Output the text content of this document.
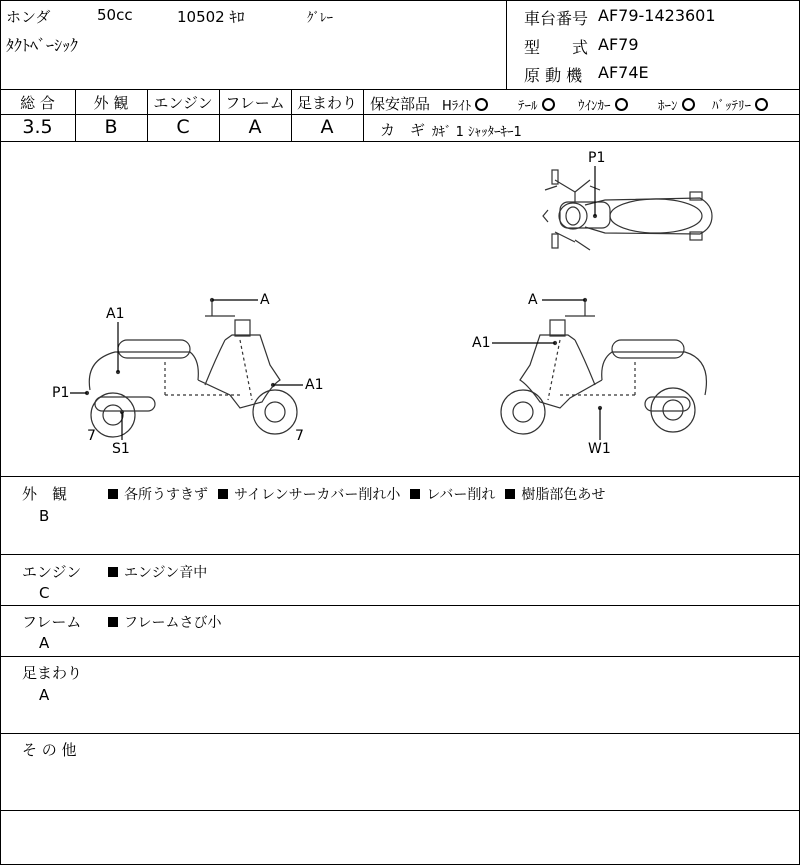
ホンダ	50cc	10502 ｷﾛ	ｸﾞﾚｰ
ﾀｸﾄﾍﾞｰｼｯｸ
車台番号 AF79-1423601
型　　式 AF79
原 動 機 AF74E
総 合	外 観	エンジン フレーム 足まわり
3.5	B	C	A	A
保安部品 Hﾗｲﾄ	ﾃｰﾙ	ｳｲﾝｶｰ	ﾎｰﾝ	ﾊﾞｯﾃﾘｰ
カ　ギ ｶｷﾞ 1 ｼｬｯﾀｰｷｰ1
P1
A
A1
A1
P1
7
S1
7
A
A1
W1
外　観
B
各所うすきず サイレンサーカバー削れ小 レバー削れ 樹脂部色あせ
エンジン
C
エンジン音中
フレーム
A
フレームさび小
足まわり
A
そ の 他
